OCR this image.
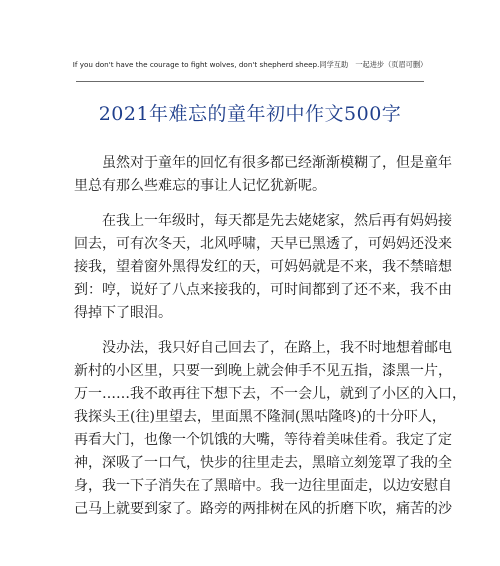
If you don't have the courage to fight wolves, don't shepherd sheep.同学互助　一起进步（页眉可删）
2021年难忘的童年初中作文500字
　　虽然对于童年的回忆有很多都已经渐渐模糊了，但是童年
里总有那么些难忘的事让人记忆犹新呢。
　　在我上一年级时，每天都是先去姥姥家，然后再有妈妈接
回去，可有次冬天，北风呼啸，天早已黑透了，可妈妈还没来
接我，望着窗外黑得发红的天，可妈妈就是不来，我不禁暗想
到：哼，说好了八点来接我的，可时间都到了还不来，我不由
得掉下了眼泪。
　　没办法，我只好自己回去了，在路上，我不时地想着邮电
新村的小区里，只要一到晚上就会伸手不见五指，漆黑一片，
万一……我不敢再往下想下去，不一会儿，就到了小区的入口，
我探头王(往)里望去，里面黑不隆洞(黑咕隆咚)的十分吓人，
再看大门，也像一个饥饿的大嘴，等待着美味佳肴。我定了定
神，深吸了一口气，快步的往里走去，黑暗立刻笼罩了我的全
身，我一下子消失在了黑暗中。我一边往里面走，以边安慰自
己马上就要到家了。路旁的两排树在风的折磨下吹，痛苦的沙
